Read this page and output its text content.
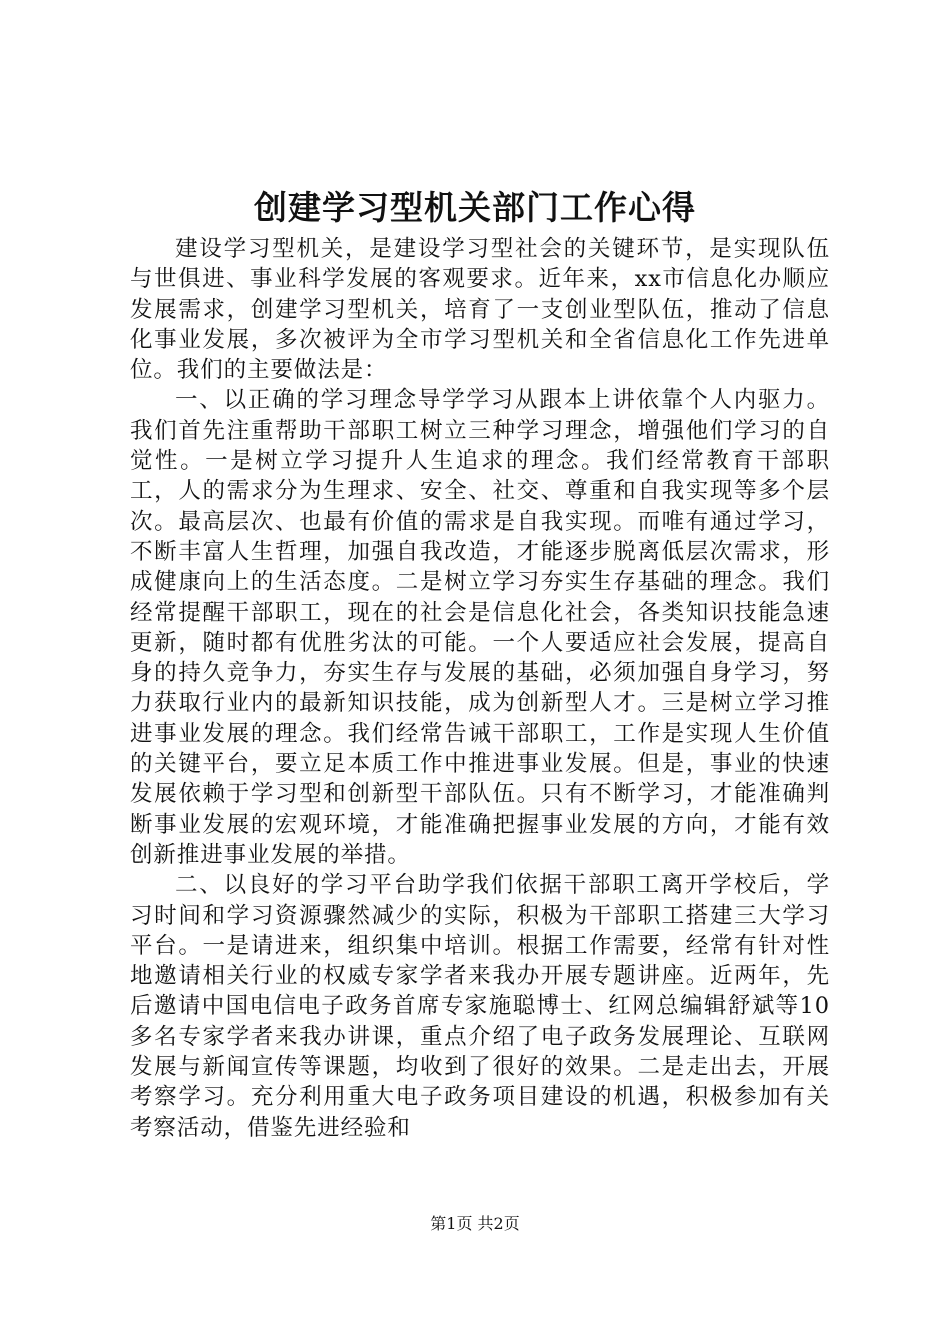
创建学习型机关部门工作心得

建设学习型机关，是建设学习型社会的关键环节，是实现队伍与世俱进、事业科学发展的客观要求。近年来，xx市信息化办顺应发展需求，创建学习型机关，培育了一支创业型队伍，推动了信息化事业发展，多次被评为全市学习型机关和全省信息化工作先进单位。我们的主要做法是：

一、以正确的学习理念导学学习从跟本上讲依靠个人内驱力。我们首先注重帮助干部职工树立三种学习理念，增强他们学习的自觉性。一是树立学习提升人生追求的理念。我们经常教育干部职工，人的需求分为生理求、安全、社交、尊重和自我实现等多个层次。最高层次、也最有价值的需求是自我实现。而唯有通过学习，不断丰富人生哲理，加强自我改造，才能逐步脱离低层次需求，形成健康向上的生活态度。二是树立学习夯实生存基础的理念。我们经常提醒干部职工，现在的社会是信息化社会，各类知识技能急速更新，随时都有优胜劣汰的可能。一个人要适应社会发展，提高自身的持久竞争力，夯实生存与发展的基础，必须加强自身学习，努力获取行业内的最新知识技能，成为创新型人才。三是树立学习推进事业发展的理念。我们经常告诫干部职工，工作是实现人生价值的关键平台，要立足本质工作中推进事业发展。但是，事业的快速发展依赖于学习型和创新型干部队伍。只有不断学习，才能准确判断事业发展的宏观环境，才能准确把握事业发展的方向，才能有效创新推进事业发展的举措。

二、以良好的学习平台助学我们依据干部职工离开学校后，学习时间和学习资源骤然减少的实际，积极为干部职工搭建三大学习平台。一是请进来，组织集中培训。根据工作需要，经常有针对性地邀请相关行业的权威专家学者来我办开展专题讲座。近两年，先后邀请中国电信电子政务首席专家施聪博士、红网总编辑舒斌等10多名专家学者来我办讲课，重点介绍了电子政务发展理论、互联网发展与新闻宣传等课题，均收到了很好的效果。二是走出去，开展考察学习。充分利用重大电子政务项目建设的机遇，积极参加有关考察活动，借鉴先进经验和

第1页 共2页
